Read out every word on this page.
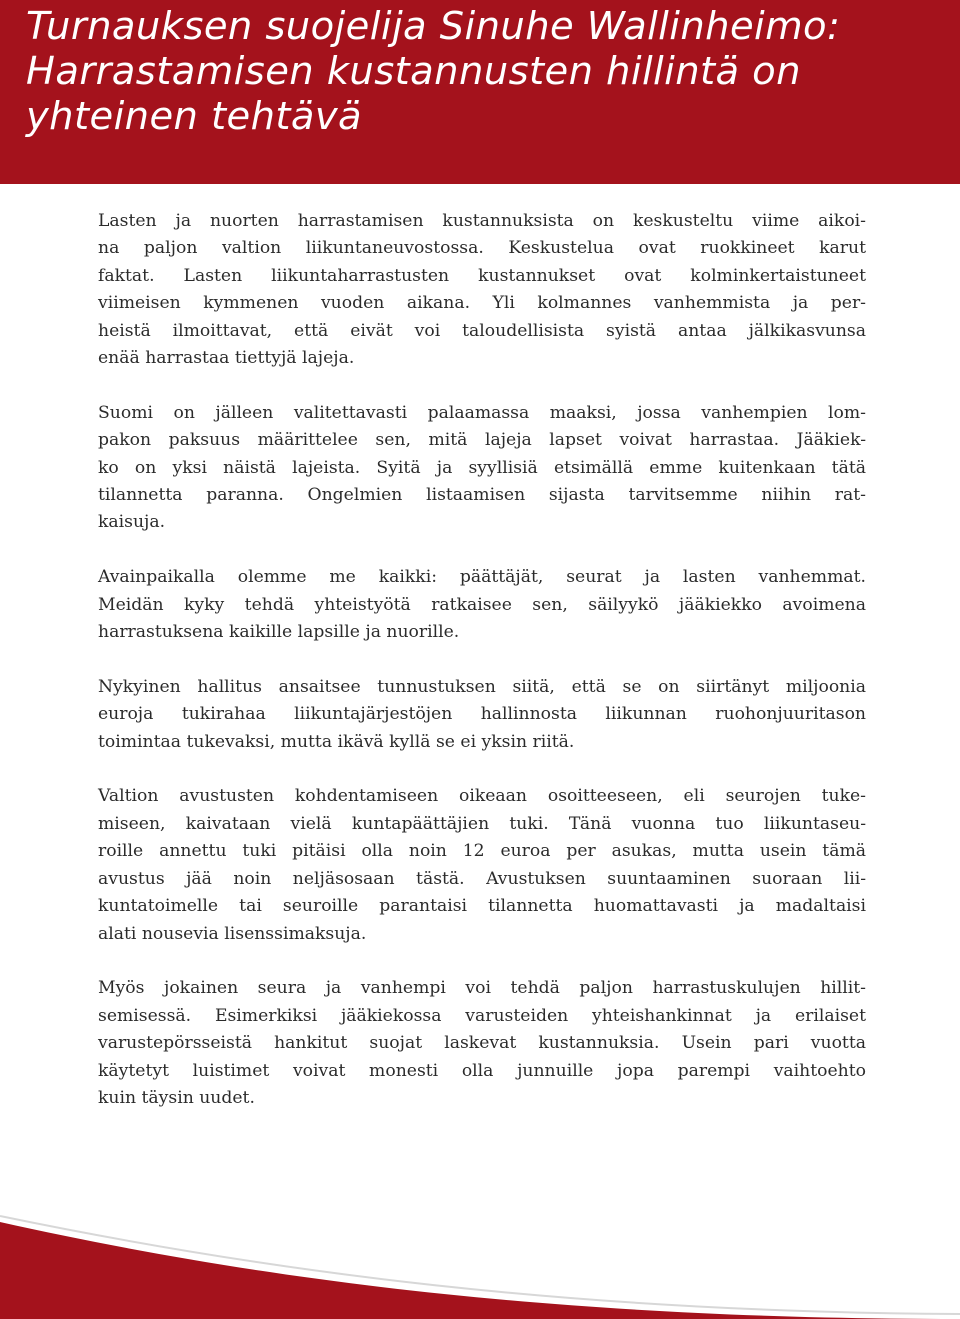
Turnauksen suojelija Sinuhe Wallinheimo:
Harrastamisen kustannusten hillintä on
yhteinen tehtävä

Lasten ja nuorten harrastamisen kustannuksista on keskusteltu viime aikoi-
na paljon valtion liikuntaneuvostossa. Keskustelua ovat ruokkineet karut
faktat. Lasten liikuntaharrastusten kustannukset ovat kolminkertaistuneet
viimeisen kymmenen vuoden aikana. Yli kolmannes vanhemmista ja per-
heistä ilmoittavat, että eivät voi taloudellisista syistä antaa jälkikasvunsa
enää harrastaa tiettyjä lajeja.

Suomi on jälleen valitettavasti palaamassa maaksi, jossa vanhempien lom-
pakon paksuus määrittelee sen, mitä lajeja lapset voivat harrastaa. Jääkiek-
ko on yksi näistä lajeista. Syitä ja syyllisiä etsimällä emme kuitenkaan tätä
tilannetta paranna. Ongelmien listaamisen sijasta tarvitsemme niihin rat-
kaisuja.

Avainpaikalla olemme me kaikki: päättäjät, seurat ja lasten vanhemmat.
Meidän kyky tehdä yhteistyötä ratkaisee sen, säilyykö jääkiekko avoimena
harrastuksena kaikille lapsille ja nuorille.

Nykyinen hallitus ansaitsee tunnustuksen siitä, että se on siirtänyt miljoonia
euroja tukirahaa liikuntajärjestöjen hallinnosta liikunnan ruohonjuuritason
toimintaa tukevaksi, mutta ikävä kyllä se ei yksin riitä.

Valtion avustusten kohdentamiseen oikeaan osoitteeseen, eli seurojen tuke-
miseen, kaivataan vielä kuntapäättäjien tuki. Tänä vuonna tuo liikuntaseu-
roille annettu tuki pitäisi olla noin 12 euroa per asukas, mutta usein tämä
avustus jää noin neljäsosaan tästä. Avustuksen suuntaaminen suoraan lii-
kuntatoimelle tai seuroille parantaisi tilannetta huomattavasti ja madaltaisi
alati nousevia lisenssimaksuja.

Myös jokainen seura ja vanhempi voi tehdä paljon harrastuskulujen hillit-
semisessä. Esimerkiksi jääkiekossa varusteiden yhteishankinnat ja erilaiset
varustepörsseistä hankitut suojat laskevat kustannuksia. Usein pari vuotta
käytetyt luistimet voivat monesti olla junnuille jopa parempi vaihtoehto
kuin täysin uudet.
